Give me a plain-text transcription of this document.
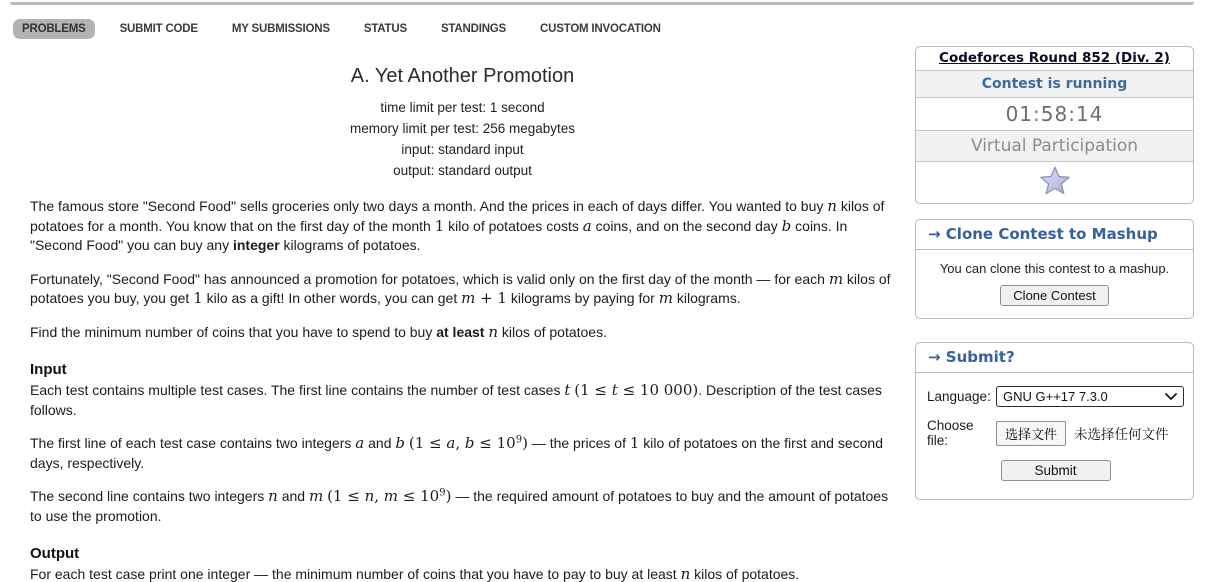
PROBLEMS	SUBMIT CODE	MY SUBMISSIONS	STATUS	STANDINGS	CUSTOM INVOCATION
A. Yet Another Promotion
time limit per test: 1 second
memory limit per test: 256 megabytes
input: standard input
output: standard output

The famous store "Second Food" sells groceries only two days a month. And the prices in each of days differ. You wanted to buy n kilos of potatoes for a month. You know that on the first day of the month 1 kilo of potatoes costs a coins, and on the second day b coins. In "Second Food" you can buy any integer kilograms of potatoes.

Fortunately, "Second Food" has announced a promotion for potatoes, which is valid only on the first day of the month — for each m kilos of potatoes you buy, you get 1 kilo as a gift! In other words, you can get m + 1 kilograms by paying for m kilograms.

Find the minimum number of coins that you have to spend to buy at least n kilos of potatoes.

Input

Each test contains multiple test cases. The first line contains the number of test cases t (1 ≤ t ≤ 10 000). Description of the test cases follows.

The first line of each test case contains two integers a and b (1 ≤ a, $b \le 10^9$) — the prices of 1 kilo of potatoes on the first and second days, respectively.

The second line contains two integers n and m (1 ≤ n, $m \le 10^9$) — the required amount of potatoes to buy and the amount of potatoes to use the promotion.

Output

For each test case print one integer — the minimum number of coins that you have to pay to buy at least n kilos of potatoes.

Codeforces Round 852 (Div. 2)
Contest is running
01:58:14
Virtual Participation
→ Clone Contest to Mashup
You can clone this contest to a mashup.
Clone Contest
→ Submit?
Language:
GNU G++17 7.3.0
Choose file:	选择文件	未选择任何文件
Submit
